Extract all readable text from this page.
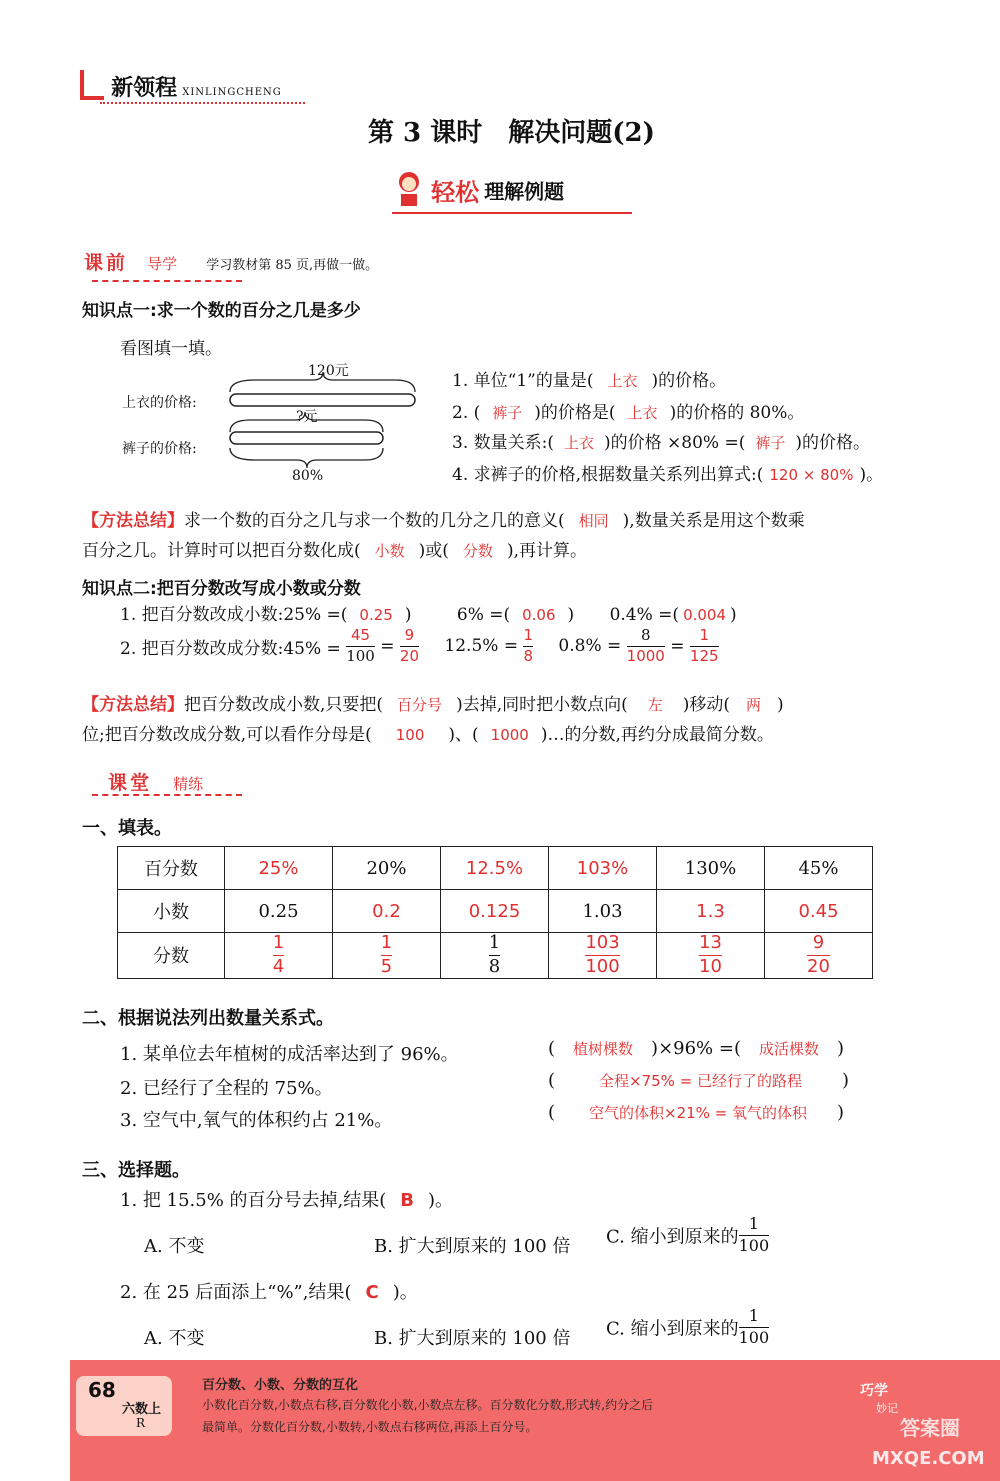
新领程 XINLINGCHENG
第 3 课时　解决问题(2)
轻松 理解例题
课前 导学 学习教材第 85 页,再做一做。
知识点一:求一个数的百分之几是多少
看图填一填。
120元
上衣的价格:
?元
裤子的价格:
80%
1. 单位“1”的量是( 上衣 )的价格。
2. ( 裤子 )的价格是( 上衣 )的价格的 80%。
3. 数量关系:( 上衣 )的价格 ×80% =( 裤子 )的价格。
4. 求裤子的价格,根据数量关系列出算式:( 120 × 80% )。
【方法总结】求一个数的百分之几与求一个数的几分之几的意义( 相同 ),数量关系是用这个数乘
百分之几。计算时可以把百分数化成( 小数 )或( 分数 ),再计算。
知识点二:把百分数改写成小数或分数
1. 把百分数改成小数:25% =( 0.25 )	6% =( 0.06 ) 0.4% =( 0.004 )
2. 把百分数改成分数:45% = $\frac{45}{100} = \frac{9}{20} 12.5\% = \frac{1}{8} 0.8\% = \frac{8}{1000} = \frac{1}{125}$
【方法总结】把百分数改成小数,只要把( 百分号 )去掉,同时把小数点向( 左 )移动( 两 )
位;把百分数改成分数,可以看作分母是( 100 )、( 1000 )…的分数,再约分成最简分数。
课堂 精练
一、填表。
百分数	25%	20%	12.5%	103%	130%	45%
小数	0.25	0.2	0.125	1.03	1.3	0.45
分数	$\frac{1}{4}$	$\frac{1}{5}$	$\frac{1}{8}$	$\frac{103}{100}$	$\frac{13}{10}$	$\frac{9}{20}$
二、根据说法列出数量关系式。
1. 某单位去年植树的成活率达到了 96%。	( 植树棵数 )×96% =( 成活棵数 )
2. 已经行了全程的 75%。	(	全程×75% = 已经行了的路程 )
3. 空气中,氧气的体积约占 21%。	( 空气的体积×21% = 氧气的体积 )
三、选择题。
1. 把 15.5% 的百分号去掉,结果( B )。
A. 不变	B. 扩大到原来的 100 倍 C. 缩小到原来的 $\frac{1}{100}$
2. 在 25 后面添上“%”,结果( C )。
A. 不变	B. 扩大到原来的 100 倍 C. 缩小到原来的 $\frac{1}{100}$
68
六数上
R
百分数、小数、分数的互化
小数化百分数,小数点右移,百分数化小数,小数点左移。百分数化分数,形式转,约分之后
最简单。分数化百分数,小数转,小数点右移两位,再添上百分号。
巧学
妙记
答案圈
MXQE.COM
